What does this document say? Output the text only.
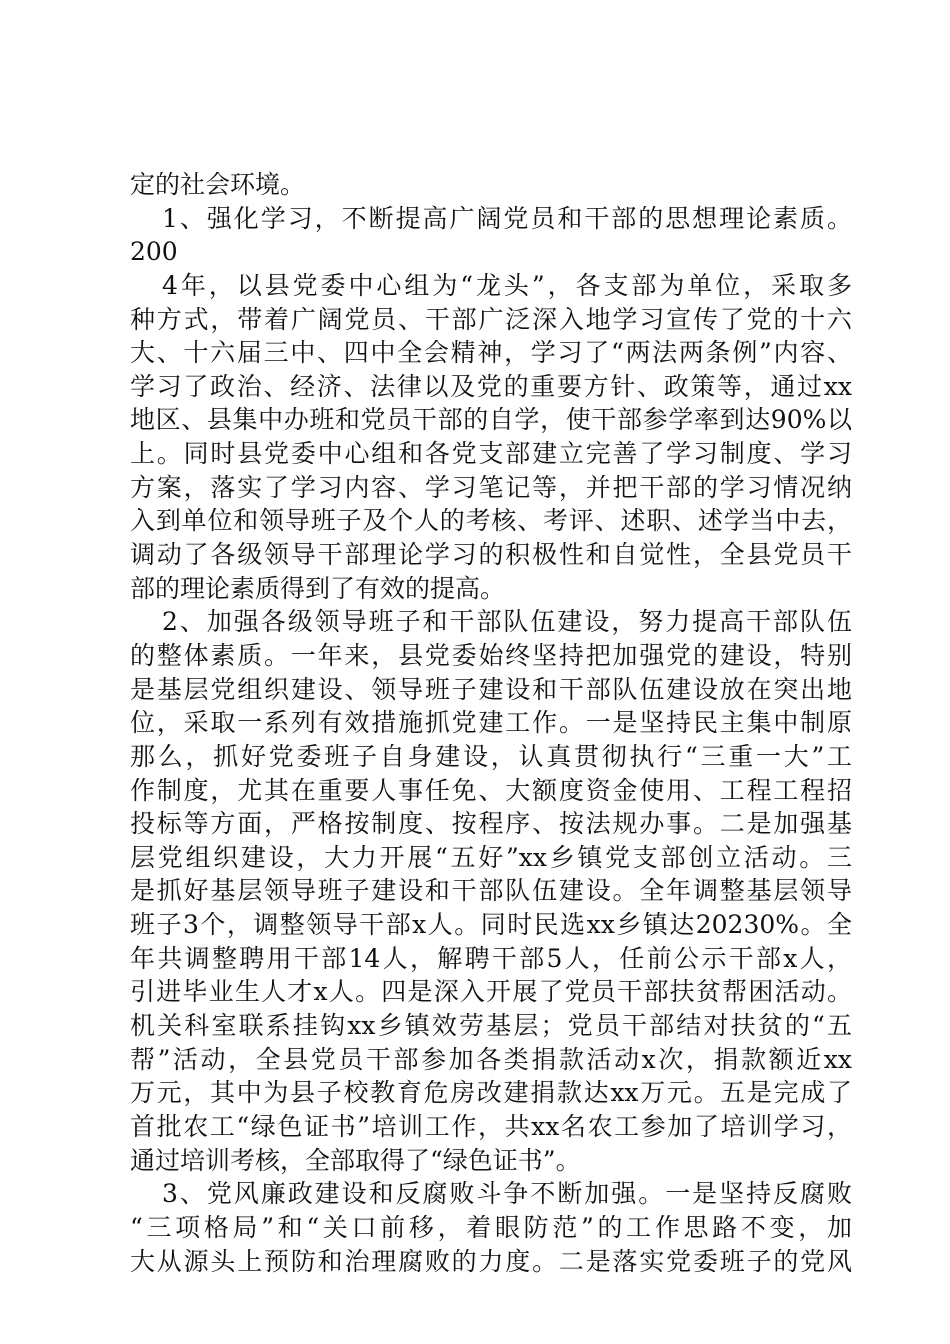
定的社会环境。
1、强化学习，不断提高广阔党员和干部的思想理论素质。
200
4年，以县党委中心组为“龙头”，各支部为单位，采取多
种方式，带着广阔党员、干部广泛深入地学习宣传了党的十六
大、十六届三中、四中全会精神，学习了“两法两条例”内容、
学习了政治、经济、法律以及党的重要方针、政策等，通过xx
地区、县集中办班和党员干部的自学，使干部参学率到达90%以
上。同时县党委中心组和各党支部建立完善了学习制度、学习
方案，落实了学习内容、学习笔记等，并把干部的学习情况纳
入到单位和领导班子及个人的考核、考评、述职、述学当中去，
调动了各级领导干部理论学习的积极性和自觉性，全县党员干
部的理论素质得到了有效的提高。
2、加强各级领导班子和干部队伍建设，努力提高干部队伍
的整体素质。一年来，县党委始终坚持把加强党的建设，特别
是基层党组织建设、领导班子建设和干部队伍建设放在突出地
位，采取一系列有效措施抓党建工作。一是坚持民主集中制原
那么，抓好党委班子自身建设，认真贯彻执行“三重一大”工
作制度，尤其在重要人事任免、大额度资金使用、工程工程招
投标等方面，严格按制度、按程序、按法规办事。二是加强基
层党组织建设，大力开展“五好”xx乡镇党支部创立活动。三
是抓好基层领导班子建设和干部队伍建设。全年调整基层领导
班子3个，调整领导干部x人。同时民选xx乡镇达20230%。全
年共调整聘用干部14人，解聘干部5人，任前公示干部x人，
引进毕业生人才x人。四是深入开展了党员干部扶贫帮困活动。
机关科室联系挂钩xx乡镇效劳基层；党员干部结对扶贫的“五
帮”活动，全县党员干部参加各类捐款活动x次，捐款额近xx
万元，其中为县子校教育危房改建捐款达xx万元。五是完成了
首批农工“绿色证书”培训工作，共xx名农工参加了培训学习，
通过培训考核，全部取得了“绿色证书”。
3、党风廉政建设和反腐败斗争不断加强。一是坚持反腐败
“三项格局”和“关口前移，着眼防范”的工作思路不变，加
大从源头上预防和治理腐败的力度。二是落实党委班子的党风
